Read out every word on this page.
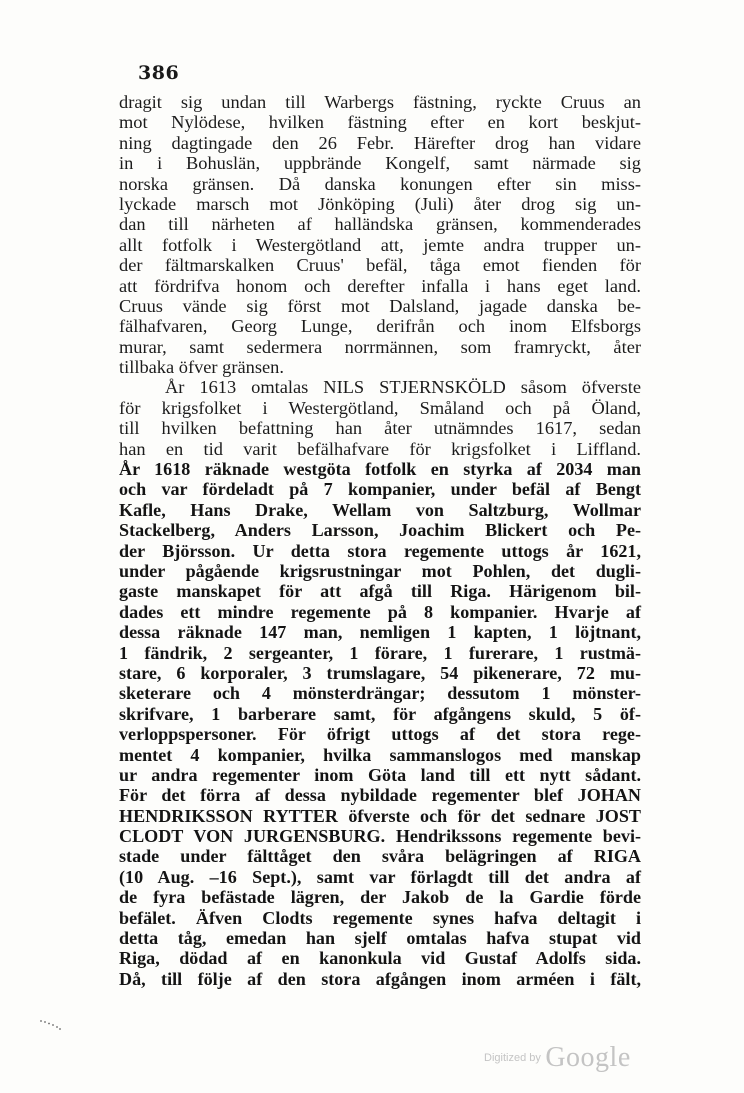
386
dragit sig undan till Warbergs fästning, ryckte Cruus an
mot Nylödese, hvilken fästning efter en kort beskjut-
ning dagtingade den 26 Febr. Härefter drog han vidare
in i Bohuslän, uppbrände Kongelf, samt närmade sig
norska gränsen. Då danska konungen efter sin miss-
lyckade marsch mot Jönköping (Juli) åter drog sig un-
dan till närheten af halländska gränsen, kommenderades
allt fotfolk i Westergötland att, jemte andra trupper un-
der fältmarskalken Cruus' befäl, tåga emot fienden för
att fördrifva honom och derefter infalla i hans eget land.
Cruus vände sig först mot Dalsland, jagade danska be-
fälhafvaren, Georg Lunge, derifrån och inom Elfsborgs
murar, samt sedermera norrmännen, som framryckt, åter
tillbaka öfver gränsen.
År 1613 omtalas NILS STJERNSKÖLD såsom öfverste
för krigsfolket i Westergötland, Småland och på Öland,
till hvilken befattning han åter utnämndes 1617, sedan
han en tid varit befälhafvare för krigsfolket i Liffland.
År 1618 räknade westgöta fotfolk en styrka af 2034 man
och var fördeladt på 7 kompanier, under befäl af Bengt
Kafle, Hans Drake, Wellam von Saltzburg, Wollmar
Stackelberg, Anders Larsson, Joachim Blickert och Pe-
der Björsson. Ur detta stora regemente uttogs år 1621,
under pågående krigsrustningar mot Pohlen, det dugli-
gaste manskapet för att afgå till Riga. Härigenom bil-
dades ett mindre regemente på 8 kompanier. Hvarje af
dessa räknade 147 man, nemligen 1 kapten, 1 löjtnant,
1 fändrik, 2 sergeanter, 1 förare, 1 furerare, 1 rustmä-
stare, 6 korporaler, 3 trumslagare, 54 pikenerare, 72 mu-
sketerare och 4 mönsterdrängar; dessutom 1 mönster-
skrifvare, 1 barberare samt, för afgångens skuld, 5 öf-
verloppspersoner. För öfrigt uttogs af det stora rege-
mentet 4 kompanier, hvilka sammanslogos med manskap
ur andra regementer inom Göta land till ett nytt sådant.
För det förra af dessa nybildade regementer blef JOHAN
HENDRIKSSON RYTTER öfverste och för det sednare JOST
CLODT VON JURGENSBURG. Hendrikssons regemente bevi-
stade under fälttåget den svåra belägringen af RIGA
(10 Aug. –16 Sept.), samt var förlagdt till det andra af
de fyra befästade lägren, der Jakob de la Gardie förde
befälet. Äfven Clodts regemente synes hafva deltagit i
detta tåg, emedan han sjelf omtalas hafva stupat vid
Riga, dödad af en kanonkula vid Gustaf Adolfs sida.
Då, till följe af den stora afgången inom arméen i fält,
Digitized by Google
